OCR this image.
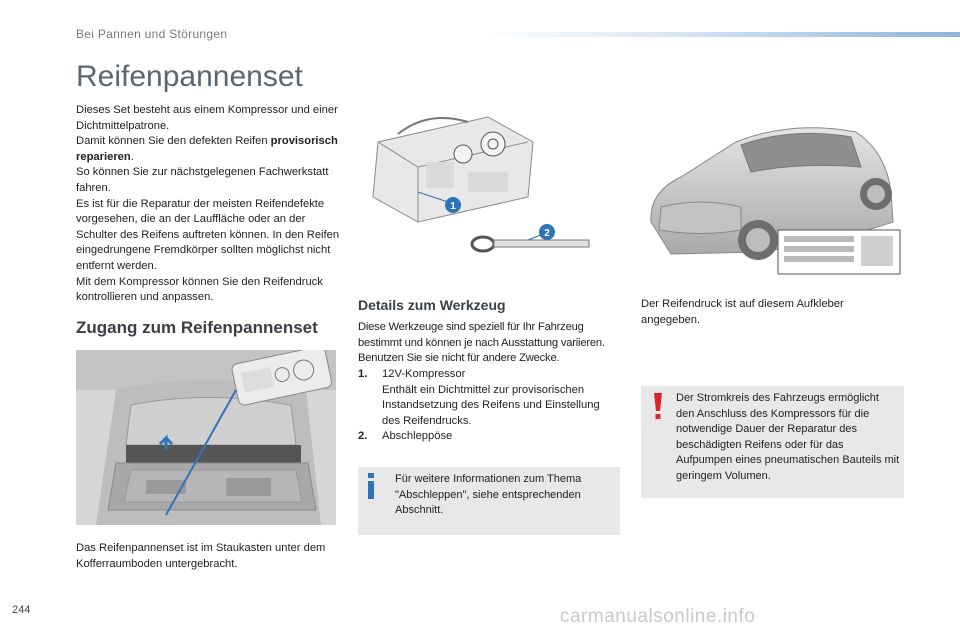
Bei Pannen und Störungen
Reifenpannenset

Dieses Set besteht aus einem Kompressor und einer Dichtmittelpatrone.

Damit können Sie den defekten Reifen provisorisch reparieren.

So können Sie zur nächstgelegenen Fachwerkstatt fahren.

Es ist für die Reparatur der meisten Reifendefekte vorgesehen, die an der Lauffläche oder an der Schulter des Reifens auftreten können. In den Reifen eingedrungene Fremdkörper sollten möglichst nicht entfernt werden.

Mit dem Kompressor können Sie den Reifendruck kontrollieren und anpassen.

Zugang zum Reifenpannenset
Das Reifenpannenset ist im Staukasten unter dem Kofferraumboden untergebracht.
1
2
Details zum Werkzeug
Diese Werkzeuge sind speziell für Ihr Fahrzeug bestimmt und können je nach Ausstattung variieren. Benutzen Sie sie nicht für andere Zwecke.
1.	12V-Kompressor
Enthält ein Dichtmittel zur provisorischen Instandsetzung des Reifens und Einstellung des Reifendrucks.
2.	Abschleppöse
Für weitere Informationen zum Thema "Abschleppen", siehe entsprechenden Abschnitt.
Der Reifendruck ist auf diesem Aufkleber angegeben.
Der Stromkreis des Fahrzeugs ermöglicht den Anschluss des Kompressors für die notwendige Dauer der Reparatur des beschädigten Reifens oder für das Aufpumpen eines pneumatischen Bauteils mit geringem Volumen.
244	carmanualsonline.info
